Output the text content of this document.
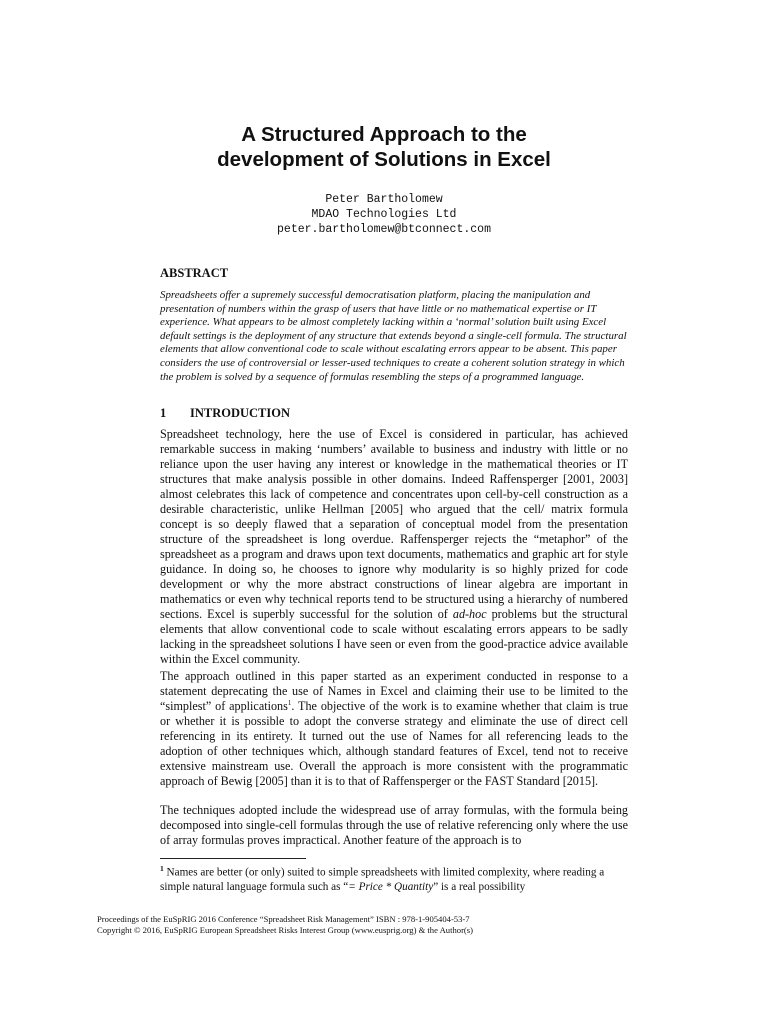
A Structured Approach to the
development of Solutions in Excel
Peter Bartholomew
MDAO Technologies Ltd
peter.bartholomew@btconnect.com
ABSTRACT

Spreadsheets offer a supremely successful democratisation platform, placing the manipulation and presentation of numbers within the grasp of users that have little or no mathematical expertise or IT experience. What appears to be almost completely lacking within a ‘normal’ solution built using Excel default settings is the deployment of any structure that extends beyond a single-cell formula. The structural elements that allow conventional code to scale without escalating errors appear to be absent. This paper considers the use of controversial or lesser-used techniques to create a coherent solution strategy in which the problem is solved by a sequence of formulas resembling the steps of a programmed language.

1 INTRODUCTION

Spreadsheet technology, here the use of Excel is considered in particular, has achieved remarkable success in making ‘numbers’ available to business and industry with little or no reliance upon the user having any interest or knowledge in the mathematical theories or IT structures that make analysis possible in other domains. Indeed Raffensperger [2001, 2003] almost celebrates this lack of competence and concentrates upon cell-by-cell construction as a desirable characteristic, unlike Hellman [2005] who argued that the cell/ matrix formula concept is so deeply flawed that a separation of conceptual model from the presentation structure of the spreadsheet is long overdue. Raffensperger rejects the “metaphor” of the spreadsheet as a program and draws upon text documents, mathematics and graphic art for style guidance. In doing so, he chooses to ignore why modularity is so highly prized for code development or why the more abstract constructions of linear algebra are important in mathematics or even why technical reports tend to be structured using a hierarchy of numbered sections. Excel is superbly successful for the solution of ad-hoc problems but the structural elements that allow conventional code to scale without escalating errors appears to be sadly lacking in the spreadsheet solutions I have seen or even from the good-practice advice available within the Excel community.

The approach outlined in this paper started as an experiment conducted in response to a statement deprecating the use of Names in Excel and claiming their use to be limited to the “simplest” of applications$^1$. The objective of the work is to examine whether that claim is true or whether it is possible to adopt the converse strategy and eliminate the use of direct cell referencing in its entirety. It turned out the use of Names for all referencing leads to the adoption of other techniques which, although standard features of Excel, tend not to receive extensive mainstream use. Overall the approach is more consistent with the programmatic approach of Bewig [2005] than it is to that of Raffensperger or the FAST Standard [2015].

The techniques adopted include the widespread use of array formulas, with the formula being decomposed into single-cell formulas through the use of relative referencing only where the use of array formulas proves impractical. Another feature of the approach is to

$^1$ Names are better (or only) suited to simple spreadsheets with limited complexity, where reading a simple natural language formula such as “= Price * Quantity” is a real possibility

Proceedings of the EuSpRIG 2016 Conference “Spreadsheet Risk Management” ISBN : 978-1-905404-53-7
Copyright © 2016, EuSpRIG European Spreadsheet Risks Interest Group (www.eusprig.org) & the Author(s)
